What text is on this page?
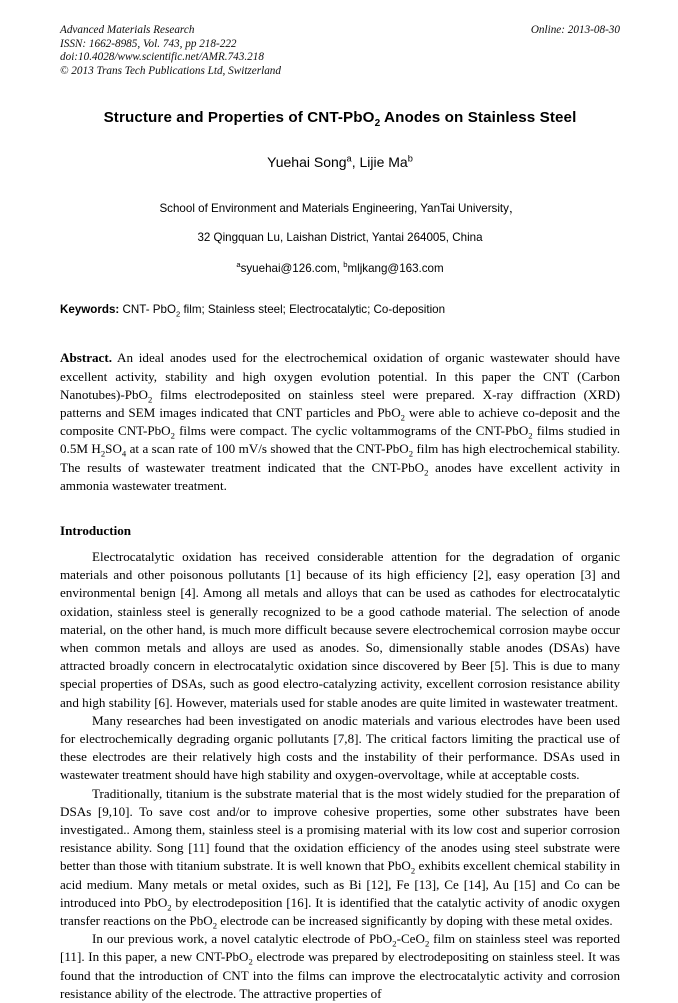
Advanced Materials Research
ISSN: 1662-8985, Vol. 743, pp 218-222
doi:10.4028/www.scientific.net/AMR.743.218
© 2013 Trans Tech Publications Ltd, Switzerland
Online: 2013-08-30
Structure and Properties of CNT-PbO$_2$ Anodes on Stainless Steel
Yuehai Song$^a$, Lijie Ma$^b$
School of Environment and Materials Engineering, YanTai University，
32 Qingquan Lu, Laishan District, Yantai 264005, China
$^a$syuehai@126.com, $^b$mljkang@163.com
Keywords: CNT- PbO$_2$ film; Stainless steel; Electrocatalytic; Co-deposition
Abstract. An ideal anodes used for the electrochemical oxidation of organic wastewater should have excellent activity, stability and high oxygen evolution potential. In this paper the CNT (Carbon Nanotubes)-PbO$_2$ films electrodeposited on stainless steel were prepared. X-ray diffraction (XRD) patterns and SEM images indicated that CNT particles and PbO$_2$ were able to achieve co-deposit and the composite CNT-PbO$_2$ films were compact. The cyclic voltammograms of the CNT-PbO$_2$ films studied in 0.5M $H_2SO_4$ at a scan rate of 100 mV/s showed that the CNT-PbO$_2$ film has high electrochemical stability. The results of wastewater treatment indicated that the CNT-PbO$_2$ anodes have excellent activity in ammonia wastewater treatment.
Introduction

Electrocatalytic oxidation has received considerable attention for the degradation of organic materials and other poisonous pollutants [1] because of its high efficiency [2], easy operation [3] and environmental benign [4]. Among all metals and alloys that can be used as cathodes for electrocatalytic oxidation, stainless steel is generally recognized to be a good cathode material. The selection of anode material, on the other hand, is much more difficult because severe electrochemical corrosion maybe occur when common metals and alloys are used as anodes. So, dimensionally stable anodes (DSAs) have attracted broadly concern in electrocatalytic oxidation since discovered by Beer [5]. This is due to many special properties of DSAs, such as good electro-catalyzing activity, excellent corrosion resistance ability and high stability [6]. However, materials used for stable anodes are quite limited in wastewater treatment.

Many researches had been investigated on anodic materials and various electrodes have been used for electrochemically degrading organic pollutants [7,8]. The critical factors limiting the practical use of these electrodes are their relatively high costs and the instability of their performance. DSAs used in wastewater treatment should have high stability and oxygen-overvoltage, while at acceptable costs.

Traditionally, titanium is the substrate material that is the most widely studied for the preparation of DSAs [9,10]. To save cost and/or to improve cohesive properties, some other substrates have been investigated.. Among them, stainless steel is a promising material with its low cost and superior corrosion resistance ability. Song [11] found that the oxidation efficiency of the anodes using steel substrate were better than those with titanium substrate. It is well known that PbO$_2$ exhibits excellent chemical stability in acid medium. Many metals or metal oxides, such as Bi [12], Fe [13], Ce [14], Au [15] and Co can be introduced into PbO$_2$ by electrodeposition [16]. It is identified that the catalytic activity of anodic oxygen transfer reactions on the PbO$_2$ electrode can be increased significantly by doping with these metal oxides.

In our previous work, a novel catalytic electrode of PbO$_2$-CeO$_2$ film on stainless steel was reported [11]. In this paper, a new CNT-PbO$_2$ electrode was prepared by electrodepositing on stainless steel. It was found that the introduction of CNT into the films can improve the electrocatalytic activity and corrosion resistance ability of the electrode. The attractive properties of
